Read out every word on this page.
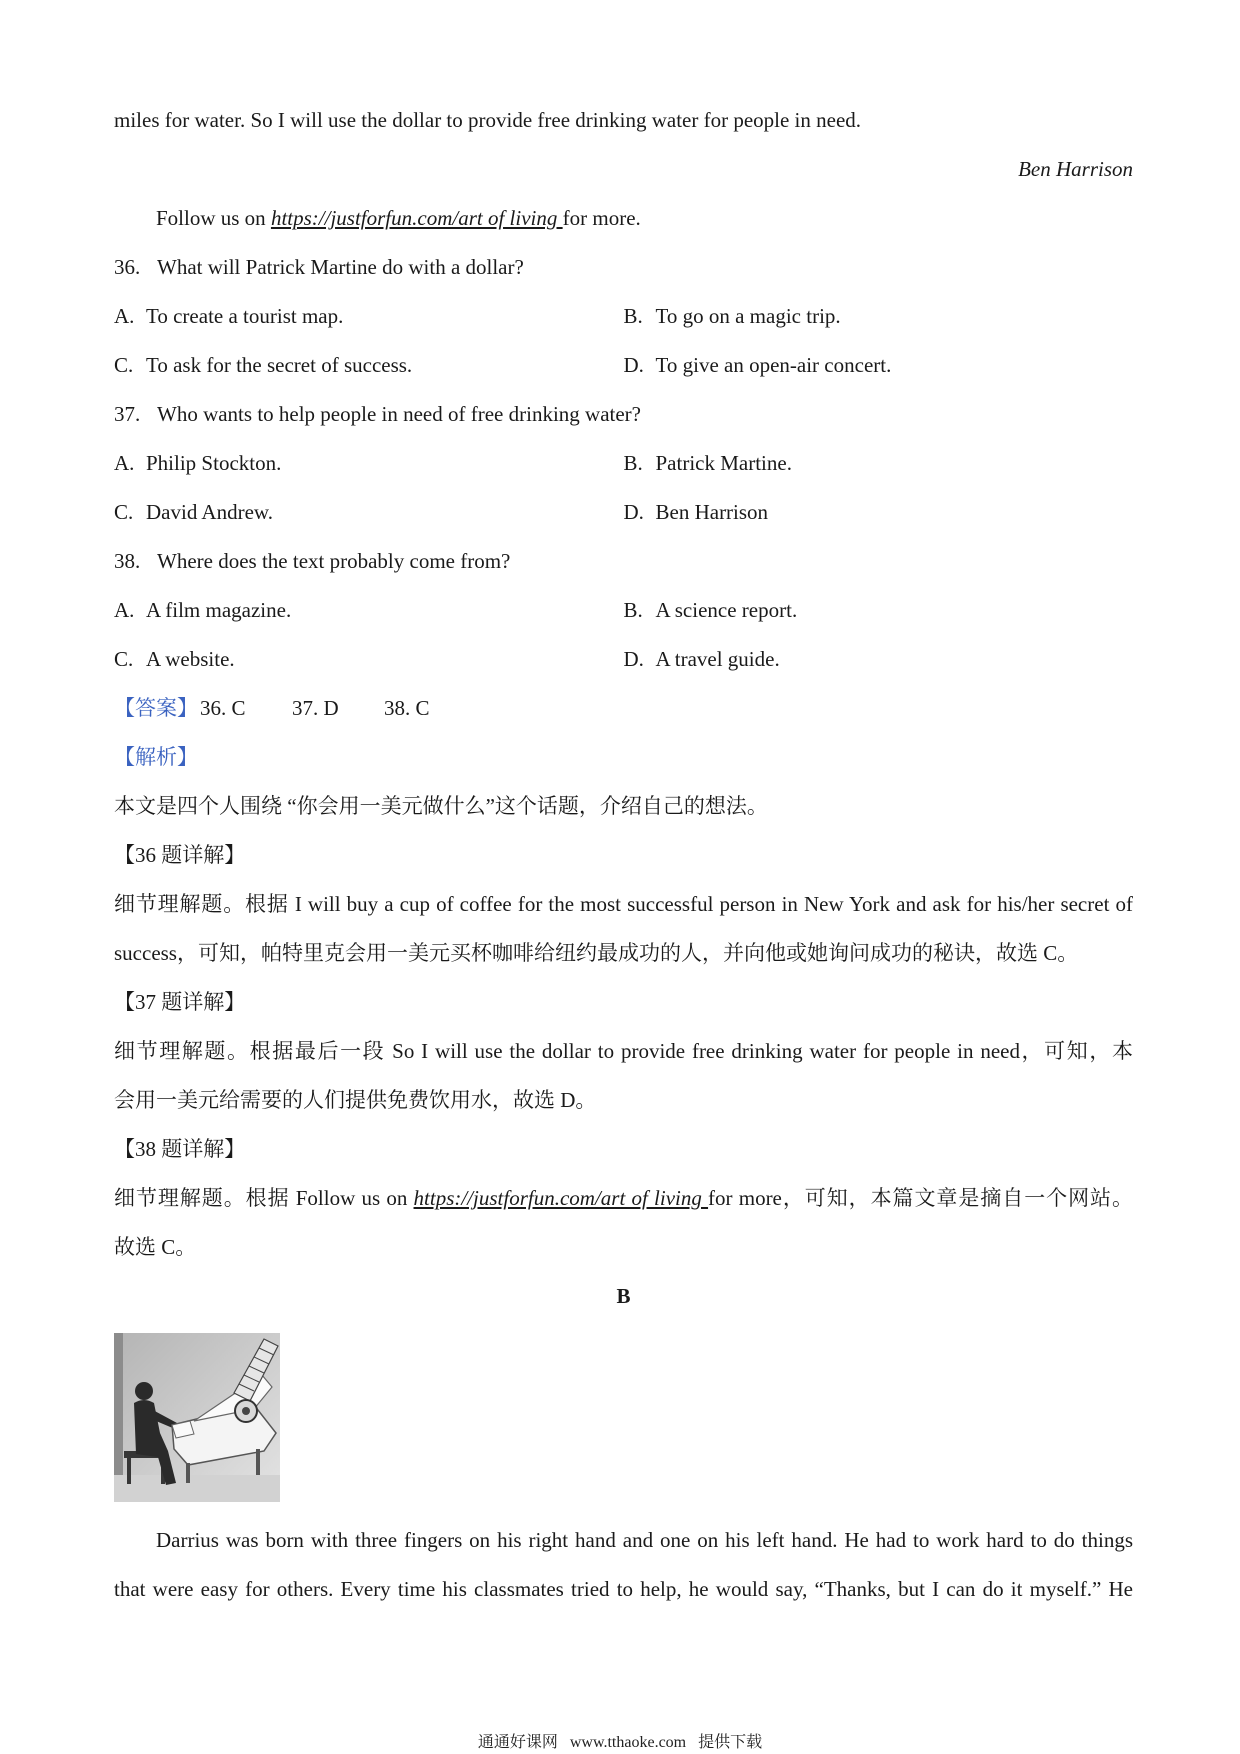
miles for water. So I will use the dollar to provide free drinking water for people in need.
Ben Harrison
Follow us on https://justforfun.com/art of living for more.
36. What will Patrick Martine do with a dollar?
A. To create a tourist map.	B. To go on a magic trip.
C. To ask for the secret of success.	D. To give an open-air concert.
37. Who wants to help people in need of free drinking water?
A. Philip Stockton.	B. Patrick Martine.
C. David Andrew.	D. Ben Harrison
38. Where does the text probably come from?
A. A film magazine.	B. A science report.
C. A website.	D. A travel guide.
【答案】36. C 37. D 38. C
【解析】
本文是四个人围绕 “你会用一美元做什么”这个话题，介绍自己的想法。
【36 题详解】
细节理解题。根据 I will buy a cup of coffee for the most successful person in New York and ask for his/her secret of
success，可知，帕特里克会用一美元买杯咖啡给纽约最成功的人，并向他或她询问成功的秘诀，故选 C。
【37 题详解】
细节理解题。根据最后一段 So I will use the dollar to provide free drinking water for people in need，可知，本
会用一美元给需要的人们提供免费饮用水，故选 D。
【38 题详解】
细节理解题。根据 Follow us on https://justforfun.com/art of living for more，可知，本篇文章是摘自一个网站。
故选 C。
B
Darrius was born with three fingers on his right hand and one on his left hand. He had to work hard to do things
that were easy for others. Every time his classmates tried to help, he would say, “Thanks, but I can do it myself.” He
通通好课网 www.tthaoke.com 提供下载
